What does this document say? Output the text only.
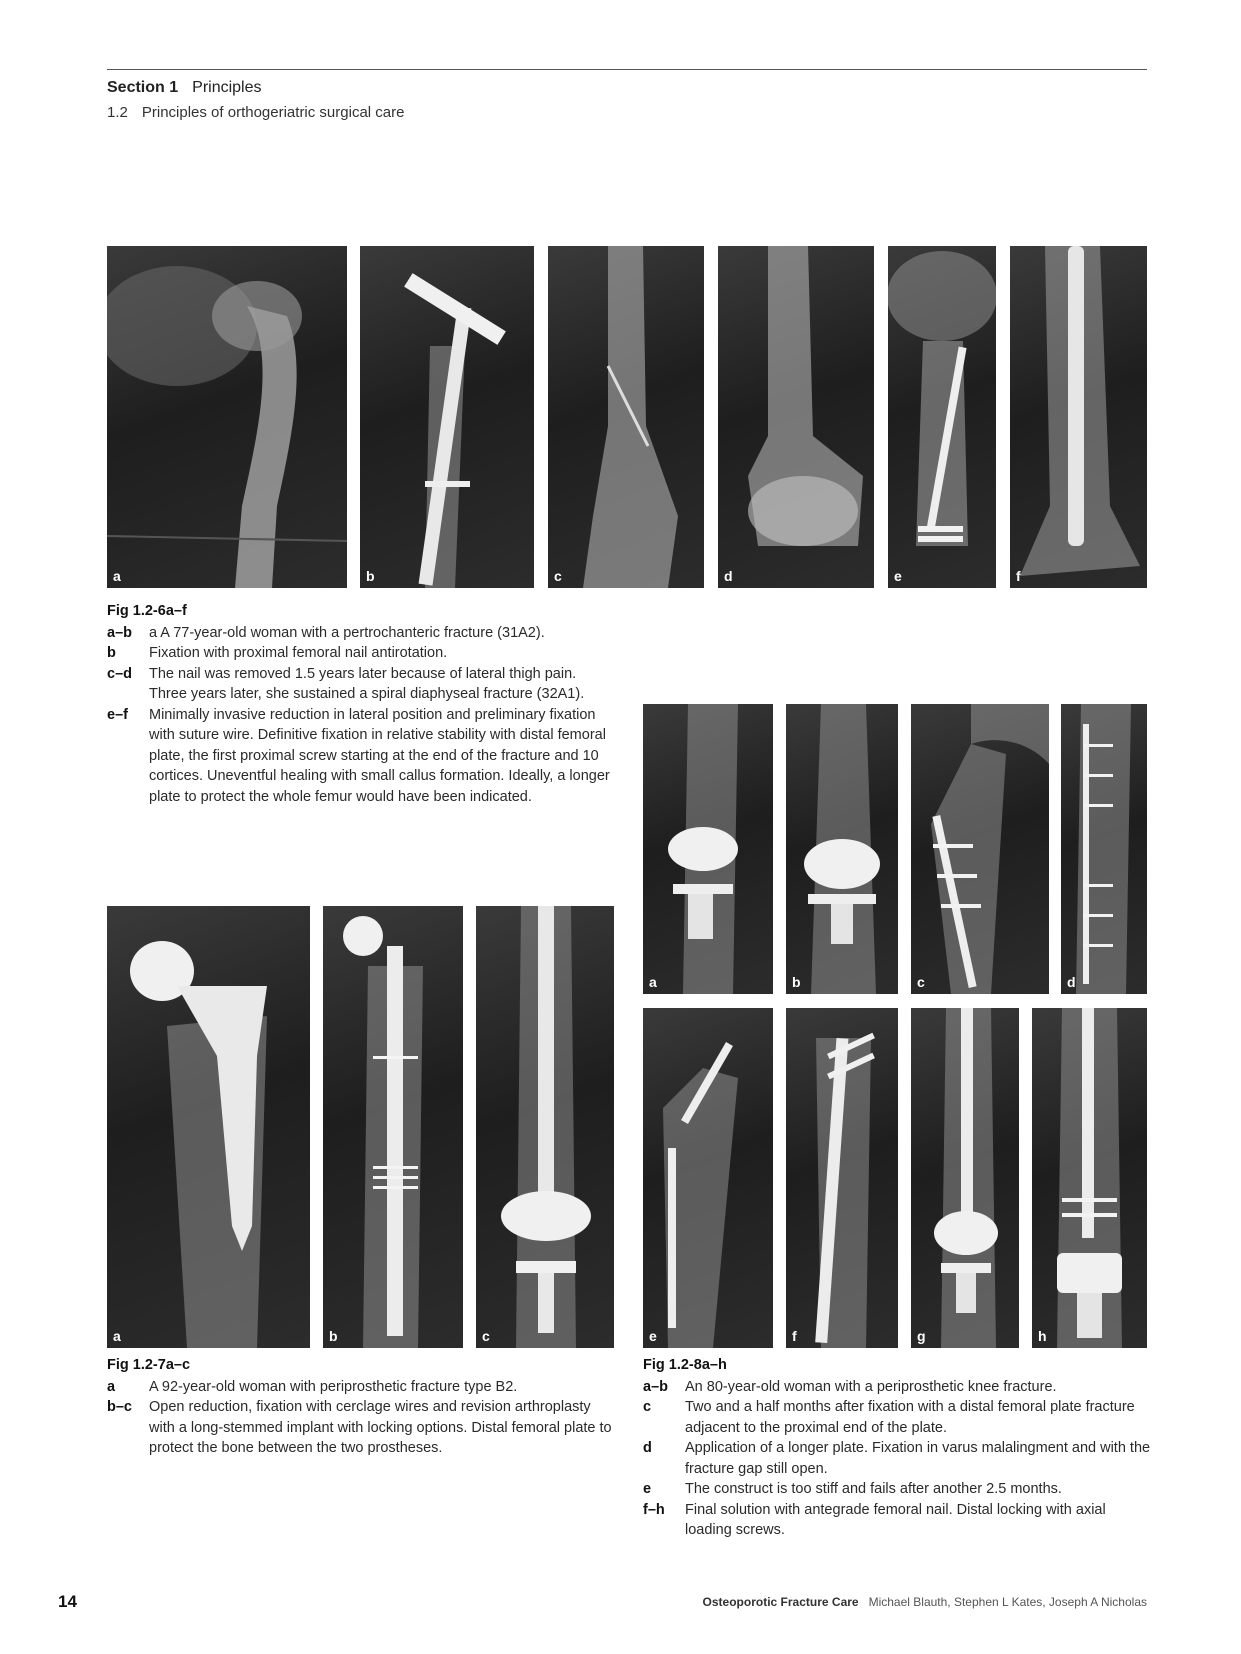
Section 1 Principles
1.2 Principles of orthogeriatric surgical care
a	b	c	d	e	f
Fig 1.2-6a–f
a–b	a A 77-year-old woman with a pertrochanteric fracture (31A2).
b	Fixation with proximal femoral nail antirotation.
c–d	The nail was removed 1.5 years later because of lateral thigh pain. Three years later, she sustained a spiral diaphyseal fracture (32A1).
e–f	Minimally invasive reduction in lateral position and preliminary fixation with suture wire. Definitive fixation in relative stability with distal femoral plate, the first proximal screw starting at the end of the fracture and 10 cortices. Uneventful healing with small callus formation. Ideally, a longer plate to protect the whole femur would have been indicated.
a	b	c
Fig 1.2-7a–c
a	A 92-year-old woman with periprosthetic fracture type B2.
b–c	Open reduction, fixation with cerclage wires and revision arthroplasty with a long-stemmed implant with locking options. Distal femoral plate to protect the bone between the two prostheses.
a	b	c	d
e	f	g	h
Fig 1.2-8a–h
a–b	An 80-year-old woman with a periprosthetic knee fracture.
c	Two and a half months after fixation with a distal femoral plate fracture adjacent to the proximal end of the plate.
d	Application of a longer plate. Fixation in varus malalingment and with the fracture gap still open.
e	The construct is too stiff and fails after another 2.5 months.
f–h	Final solution with antegrade femoral nail. Distal locking with axial loading screws.
14	Osteoporotic Fracture Care Michael Blauth, Stephen L Kates, Joseph A Nicholas
